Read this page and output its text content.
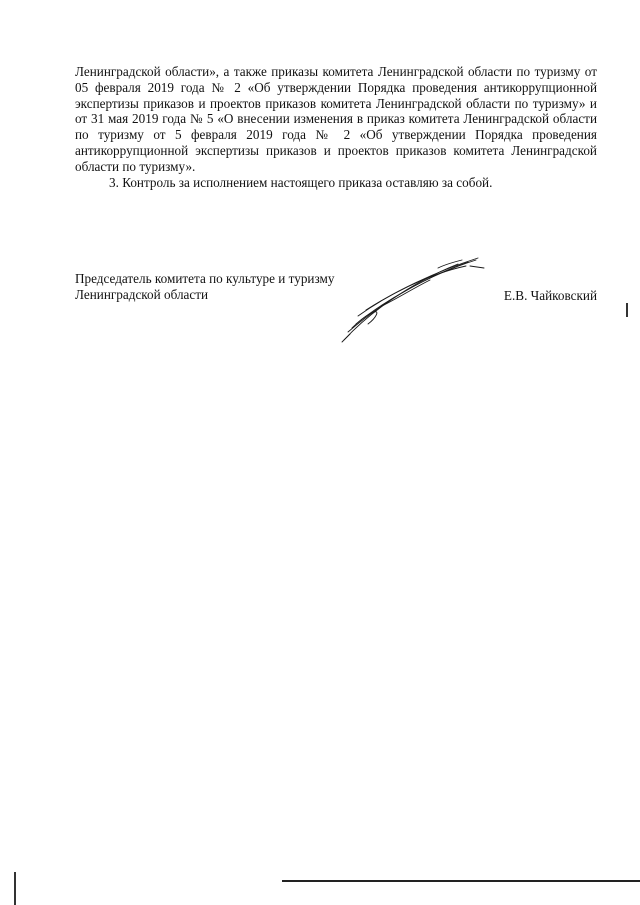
Ленинградской области», а также приказы комитета Ленинградской области по туризму от 05 февраля 2019 года № 2 «Об утверждении Порядка проведения антикоррупционной экспертизы приказов и проектов приказов комитета Ленинградской области по туризму» и от 31 мая 2019 года № 5 «О внесении изменения в приказ комитета Ленинградской области по туризму от 5 февраля 2019 года № 2 «Об утверждении Порядка проведения антикоррупционной экспертизы приказов и проектов приказов комитета Ленинградской области по туризму».

3. Контроль за исполнением настоящего приказа оставляю за собой.

Председатель комитета по культуре и туризму
Ленинградской области	Е.В. Чайковский
